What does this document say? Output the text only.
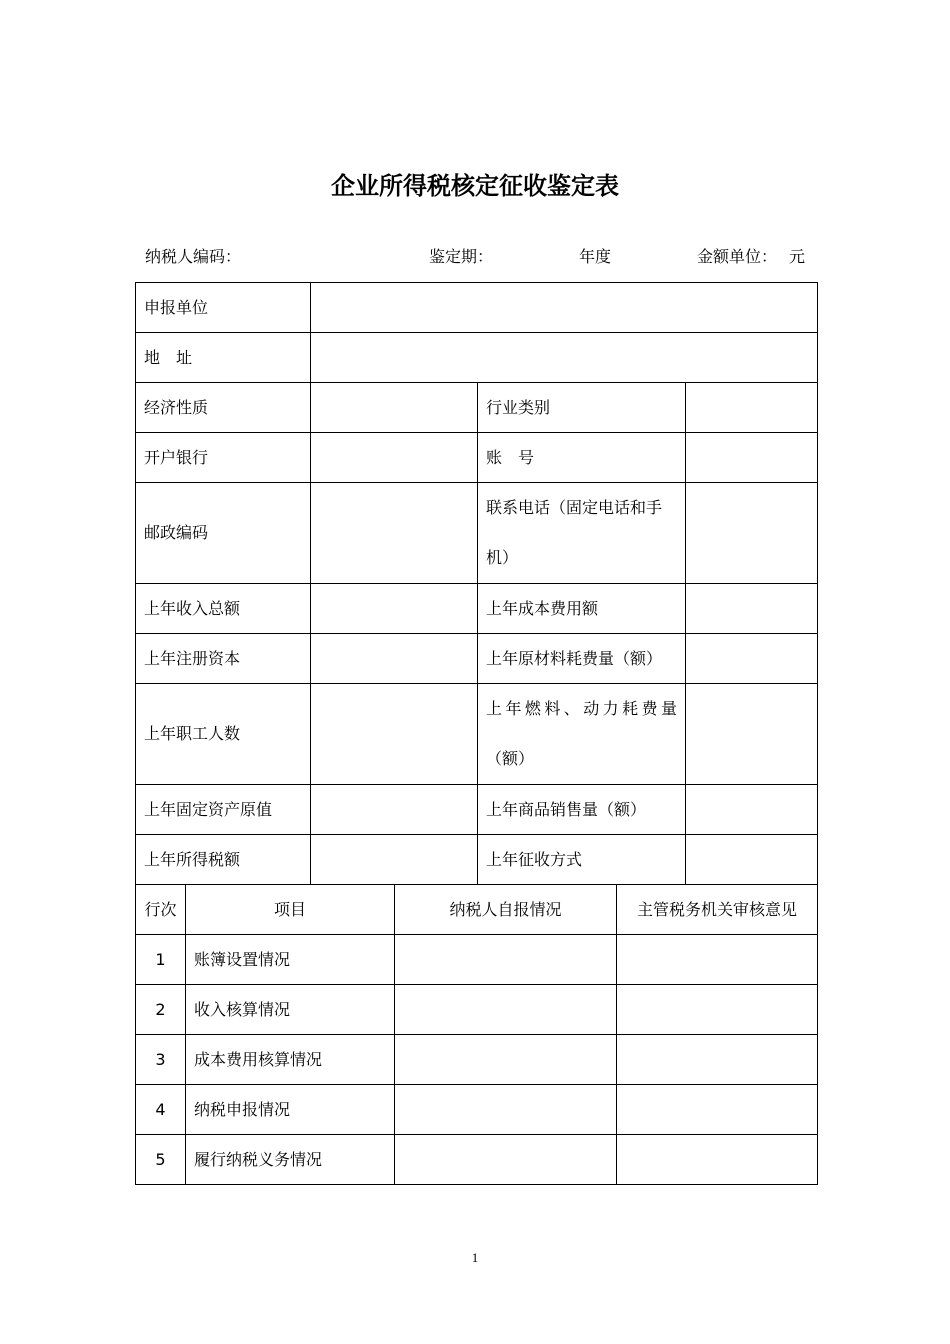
企业所得税核定征收鉴定表
纳税人编码：	鉴定期：	年度	金额单位： 元
申报单位						
地　址						
经济性质				行业类别		
开户银行				账　号		
邮政编码				联系电话（固定电话和手机）		
上年收入总额				上年成本费用额		
上年注册资本				上年原材料耗费量（额）		
上年职工人数				上年燃料、动力耗费量（额）		
上年固定资产原值				上年商品销售量（额）		
上年所得税额				上年征收方式		
行次	项目		纳税人自报情况		主管税务机关审核意见	
1	账簿设置情况					
2	收入核算情况					
3	成本费用核算情况					
4	纳税申报情况					
5	履行纳税义务情况					
1
